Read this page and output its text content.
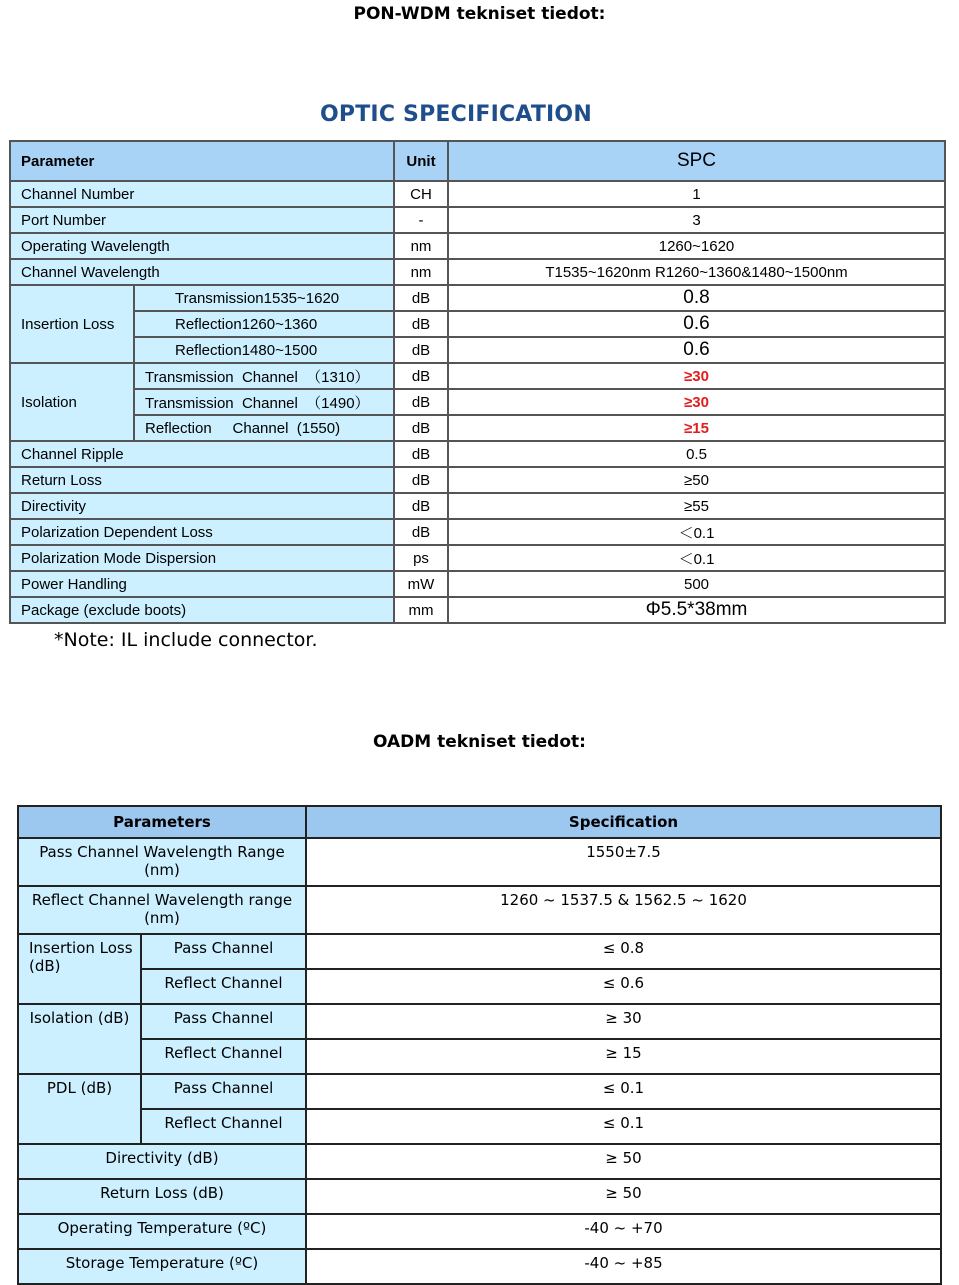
PON-WDM tekniset tiedot:
OPTIC SPECIFICATION
Parameter		Unit	SPC
Channel Number		CH	1
Port Number		-	3
Operating Wavelength		nm	1260~1620
Channel Wavelength		nm	T1535~1620nm R1260~1360&1480~1500nm
Insertion Loss	Transmission1535~1620	dB	0.8
	Reflection1260~1360	dB	0.6
	Reflection1480~1500	dB	0.6
Isolation	Transmission  Channel  （1310）	dB	≥30
	Transmission  Channel  （1490）	dB	≥30
	Reflection     Channel  (1550)	dB	≥15
Channel Ripple		dB	0.5
Return Loss		dB	≥50
Directivity		dB	≥55
Polarization Dependent Loss		dB	＜0.1
Polarization Mode Dispersion		ps	＜0.1
Power Handling		mW	500
Package (exclude boots)		mm	Φ5.5*38mm
*Note: IL include connector.
OADM tekniset tiedot:
Parameters		Specification
Pass Channel Wavelength Range (nm)		1550±7.5
Reflect Channel Wavelength range (nm)		1260 ~ 1537.5 & 1562.5 ~ 1620
Insertion Loss (dB)	Pass Channel	≤ 0.8
	Reflect Channel	≤ 0.6
Isolation (dB)	Pass Channel	≥ 30
	Reflect Channel	≥ 15
PDL (dB)	Pass Channel	≤ 0.1
	Reflect Channel	≤ 0.1
Directivity (dB)		≥ 50
Return Loss (dB)		≥ 50
Operating Temperature (ºC)		-40 ~ +70
Storage Temperature (ºC)		-40 ~ +85
